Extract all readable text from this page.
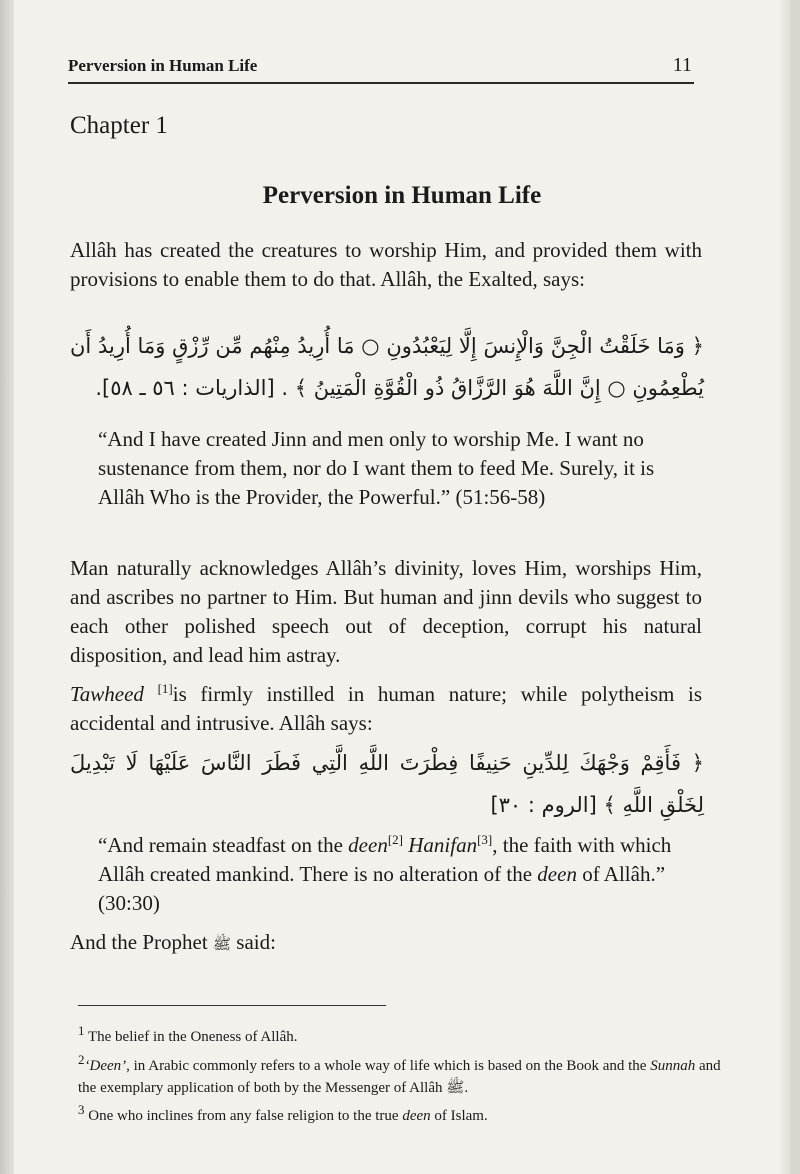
Perversion in Human Life	11
Chapter 1
Perversion in Human Life

Allâh has created the creatures to worship Him, and provided them with provisions to enable them to do that. Allâh, the Exalted, says:

﴿ وَمَا خَلَقْتُ الْجِنَّ وَالْإِنسَ إِلَّا لِيَعْبُدُونِ ○ مَا أُرِيدُ مِنْهُم مِّن رِّزْقٍ وَمَا أُرِيدُ أَن يُطْعِمُونِ ○ إِنَّ اللَّهَ هُوَ الرَّزَّاقُ ذُو الْقُوَّةِ الْمَتِينُ ﴾ . [الذاريات : ٥٦ ـ ٥٨].

“And I have created Jinn and men only to worship Me. I want no sustenance from them, nor do I want them to feed Me. Surely, it is Allâh Who is the Provider, the Powerful.” (51:56-58)

Man naturally acknowledges Allâh’s divinity, loves Him, worships Him, and ascribes no partner to Him. But human and jinn devils who suggest to each other polished speech out of deception, corrupt his natural disposition, and lead him astray.

Tawheed [1]is firmly instilled in human nature; while polytheism is accidental and intrusive. Allâh says:

﴿ فَأَقِمْ وَجْهَكَ لِلدِّينِ حَنِيفًا فِطْرَتَ اللَّهِ الَّتِي فَطَرَ النَّاسَ عَلَيْهَا لَا تَبْدِيلَ لِخَلْقِ اللَّهِ ﴾ [الروم : ٣٠]

“And remain steadfast on the deen[2] Hanifan[3], the faith with which Allâh created mankind. There is no alteration of the deen of Allâh.” (30:30)

And the Prophet ﷺ said:

$^1$ The belief in the Oneness of Allâh.

$^2$‘Deen’, in Arabic commonly refers to a whole way of life which is based on the Book and the Sunnah and the exemplary application of both by the Messenger of Allâh ﷺ.

$^3$ One who inclines from any false religion to the true deen of Islam.
